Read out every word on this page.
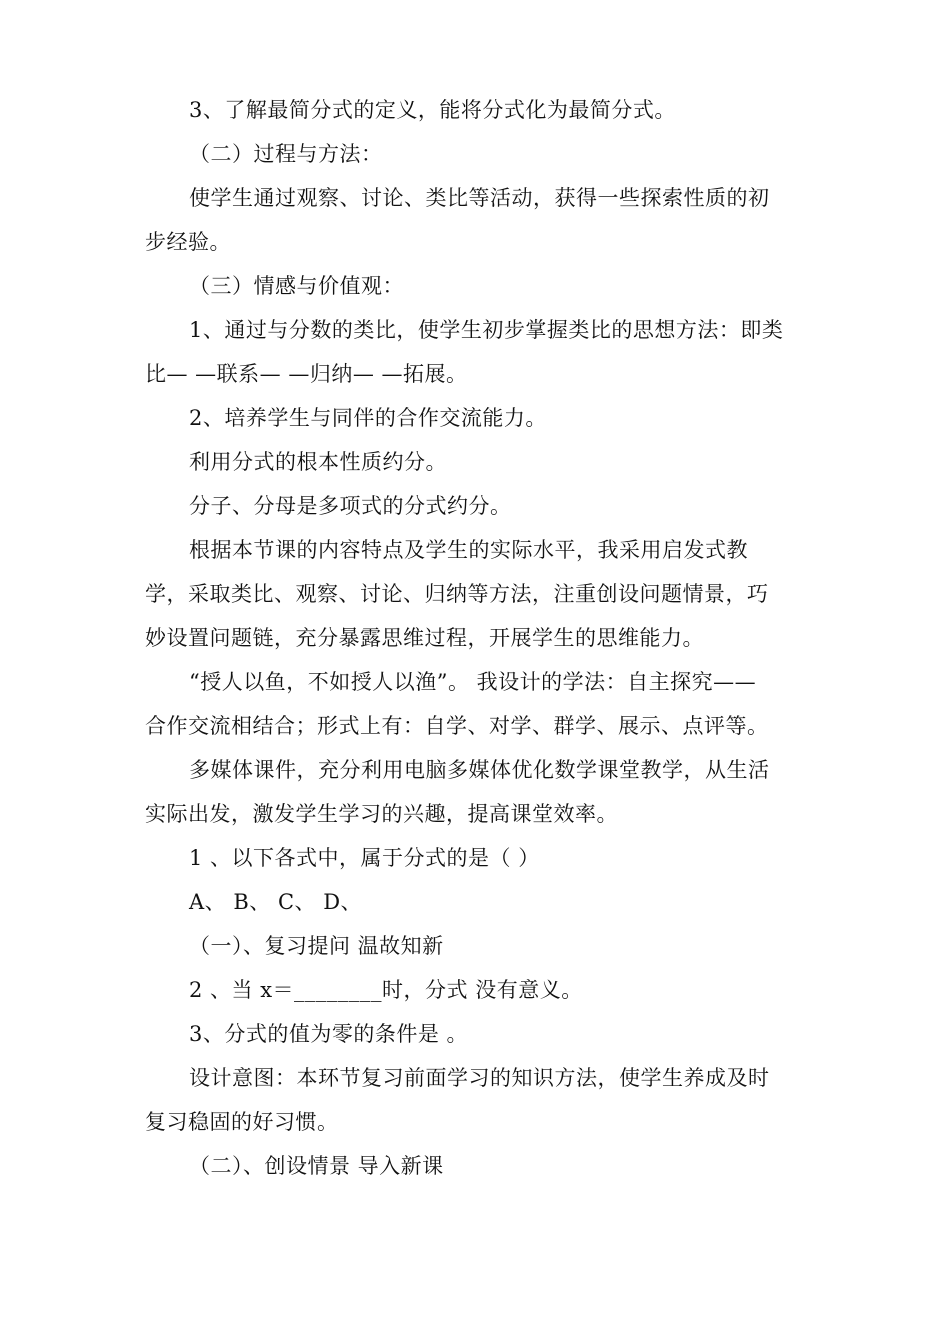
3、了解最简分式的定义，能将分式化为最简分式。
（二）过程与方法：
使学生通过观察、讨论、类比等活动，获得一些探索性质的初
步经验。
（三）情感与价值观：
1、通过与分数的类比，使学生初步掌握类比的思想方法：即类
比— —联系— —归纳— —拓展。
2、培养学生与同伴的合作交流能力。
利用分式的根本性质约分。
分子、分母是多项式的分式约分。
根据本节课的内容特点及学生的实际水平，我采用启发式教
学，采取类比、观察、讨论、归纳等方法，注重创设问题情景，巧
妙设置问题链，充分暴露思维过程，开展学生的思维能力。
“授人以鱼，不如授人以渔”。 我设计的学法：自主探究——
合作交流相结合；形式上有：自学、对学、群学、展示、点评等。
多媒体课件，充分利用电脑多媒体优化数学课堂教学，从生活
实际出发，激发学生学习的兴趣，提高课堂效率。
1 、以下各式中，属于分式的是（ ）
A、 B、 C、 D、
（一）、复习提问 温故知新
2 、当 x＝________时，分式 没有意义。
3、分式的值为零的条件是 。
设计意图：本环节复习前面学习的知识方法，使学生养成及时
复习稳固的好习惯。
（二）、创设情景 导入新课
